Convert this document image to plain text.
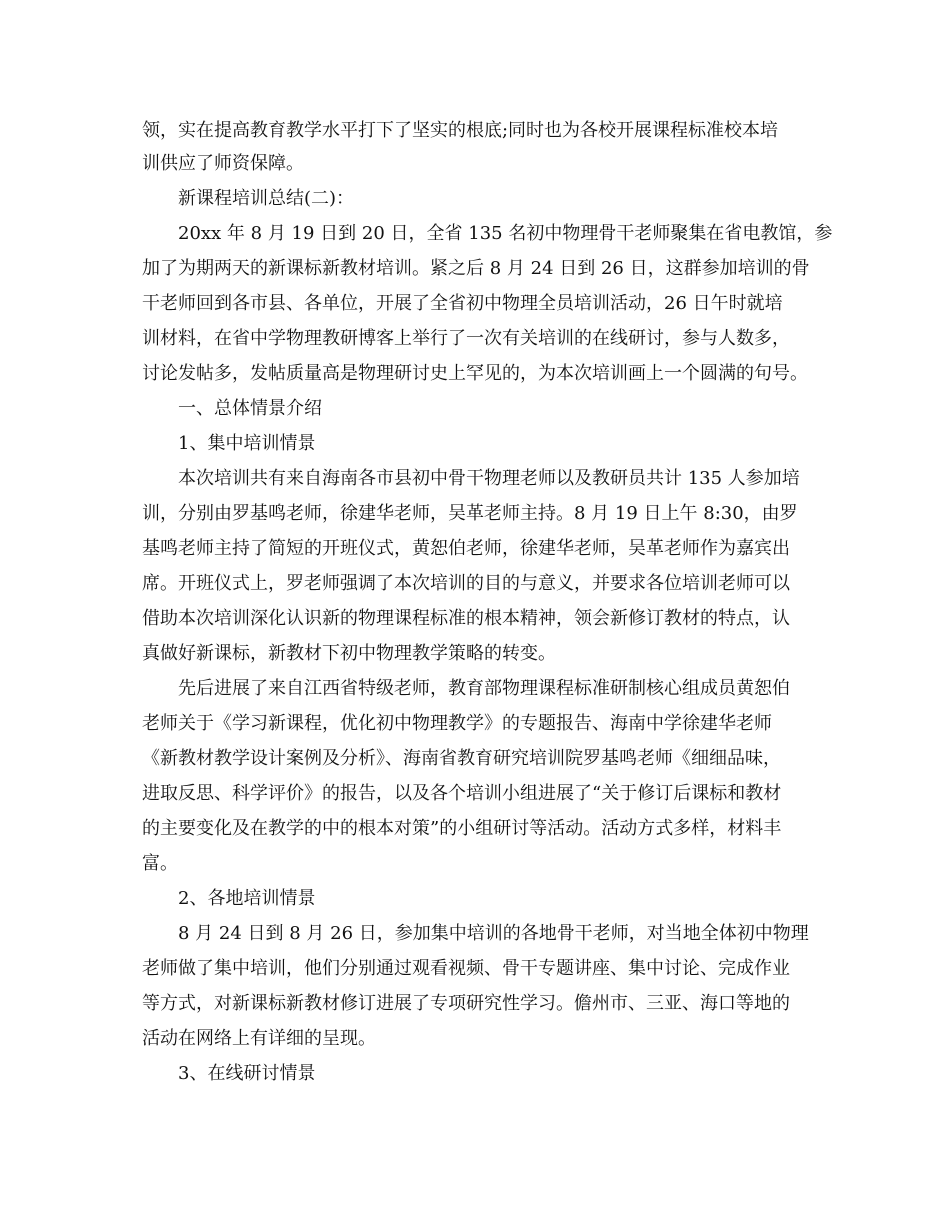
领，实在提高教育教学水平打下了坚实的根底;同时也为各校开展课程标准校本培
训供应了师资保障。
新课程培训总结(二)：
20xx 年 8 月 19 日到 20 日，全省 135 名初中物理骨干老师聚集在省电教馆，参
加了为期两天的新课标新教材培训。紧之后 8 月 24 日到 26 日，这群参加培训的骨
干老师回到各市县、各单位，开展了全省初中物理全员培训活动，26 日午时就培
训材料，在省中学物理教研博客上举行了一次有关培训的在线研讨，参与人数多，
讨论发帖多，发帖质量高是物理研讨史上罕见的，为本次培训画上一个圆满的句号。
一、总体情景介绍
1、集中培训情景
本次培训共有来自海南各市县初中骨干物理老师以及教研员共计 135 人参加培
训，分别由罗基鸣老师，徐建华老师，吴革老师主持。8 月 19 日上午 8:30，由罗
基鸣老师主持了简短的开班仪式，黄恕伯老师，徐建华老师，吴革老师作为嘉宾出
席。开班仪式上，罗老师强调了本次培训的目的与意义，并要求各位培训老师可以
借助本次培训深化认识新的物理课程标准的根本精神，领会新修订教材的特点，认
真做好新课标，新教材下初中物理教学策略的转变。
先后进展了来自江西省特级老师，教育部物理课程标准研制核心组成员黄恕伯
老师关于《学习新课程，优化初中物理教学》的专题报告、海南中学徐建华老师
《新教材教学设计案例及分析》、海南省教育研究培训院罗基鸣老师《细细品味，
进取反思、科学评价》的报告，以及各个培训小组进展了“关于修订后课标和教材
的主要变化及在教学的中的根本对策”的小组研讨等活动。活动方式多样，材料丰
富。
2、各地培训情景
8 月 24 日到 8 月 26 日，参加集中培训的各地骨干老师，对当地全体初中物理
老师做了集中培训，他们分别通过观看视频、骨干专题讲座、集中讨论、完成作业
等方式，对新课标新教材修订进展了专项研究性学习。儋州市、三亚、海口等地的
活动在网络上有详细的呈现。
3、在线研讨情景
